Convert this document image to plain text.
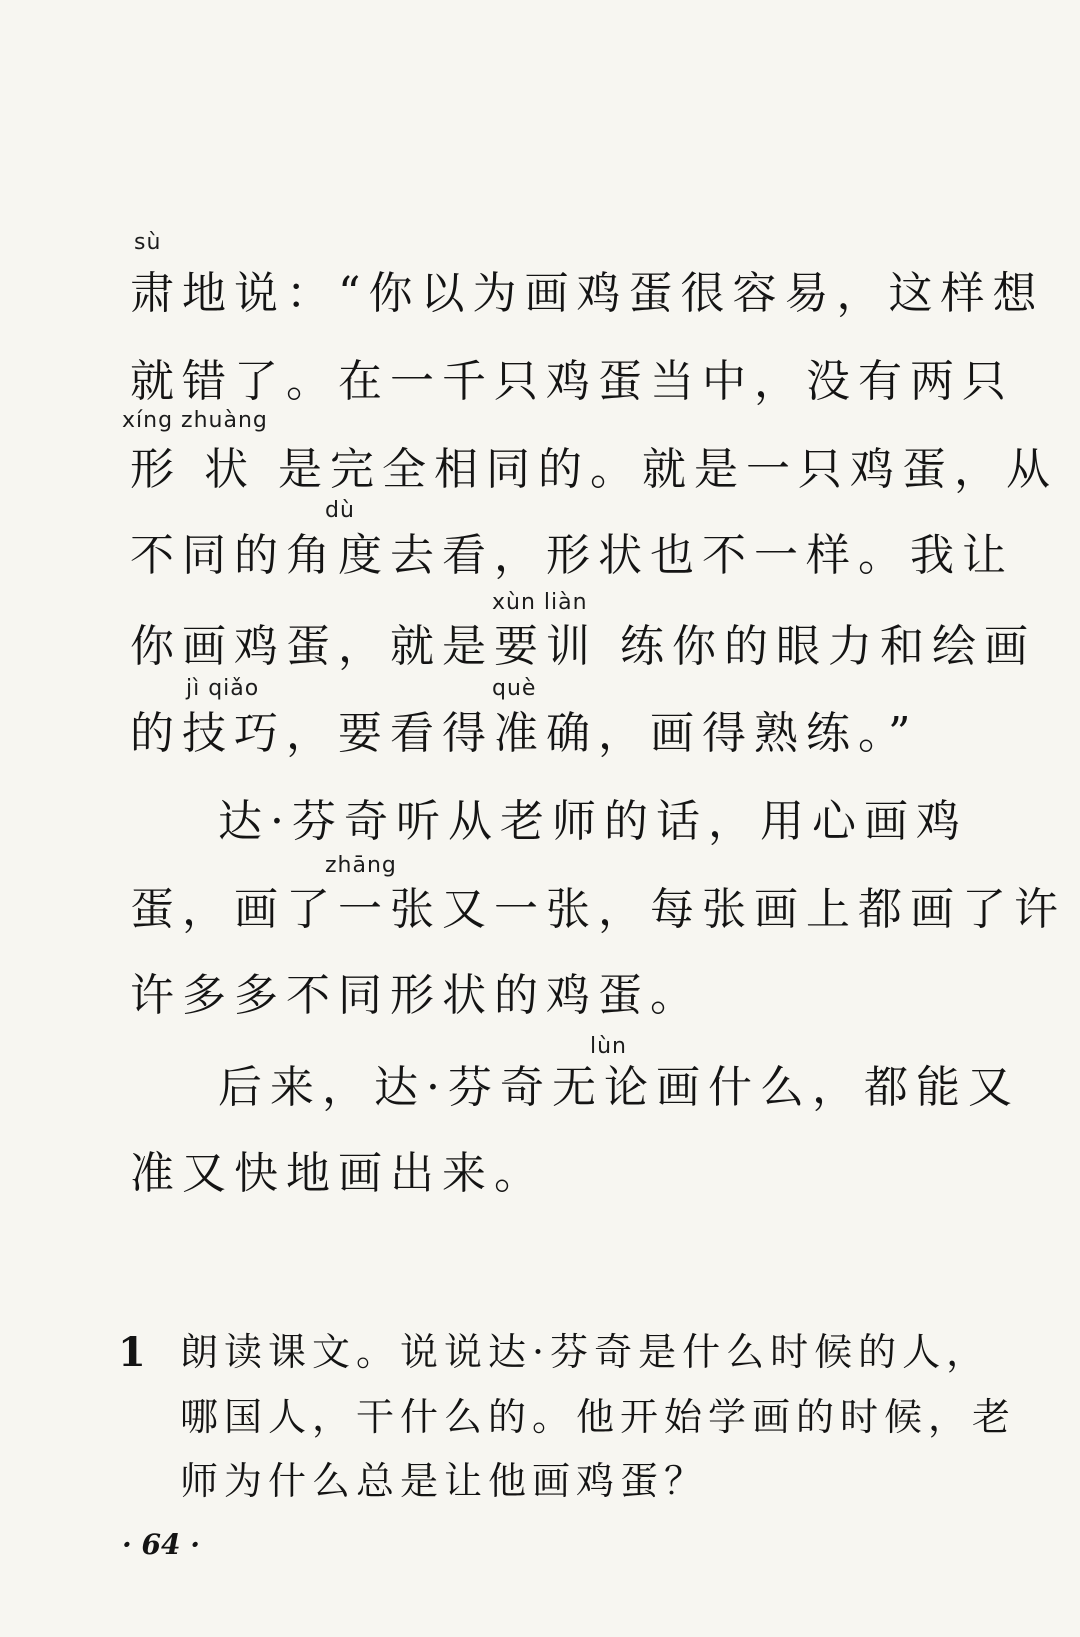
sù
xíng zhuàng
dù
xùn liàn
jì qiǎo	què
zhāng
lùn
肃地说：“你以为画鸡蛋很容易，这样想
就错了。在一千只鸡蛋当中，没有两只
形 状 是完全相同的。就是一只鸡蛋，从
不同的角度去看，形状也不一样。我让
你画鸡蛋，就是要训 练你的眼力和绘画
的技巧，要看得准确，画得熟练。”
达·芬奇听从老师的话，用心画鸡
蛋，画了一张又一张，每张画上都画了许
许多多不同形状的鸡蛋。
后来，达·芬奇无论画什么，都能又
准又快地画出来。
1 朗读课文。说说达·芬奇是什么时候的人，
哪国人，干什么的。他开始学画的时候，老
师为什么总是让他画鸡蛋？
· 64 ·
